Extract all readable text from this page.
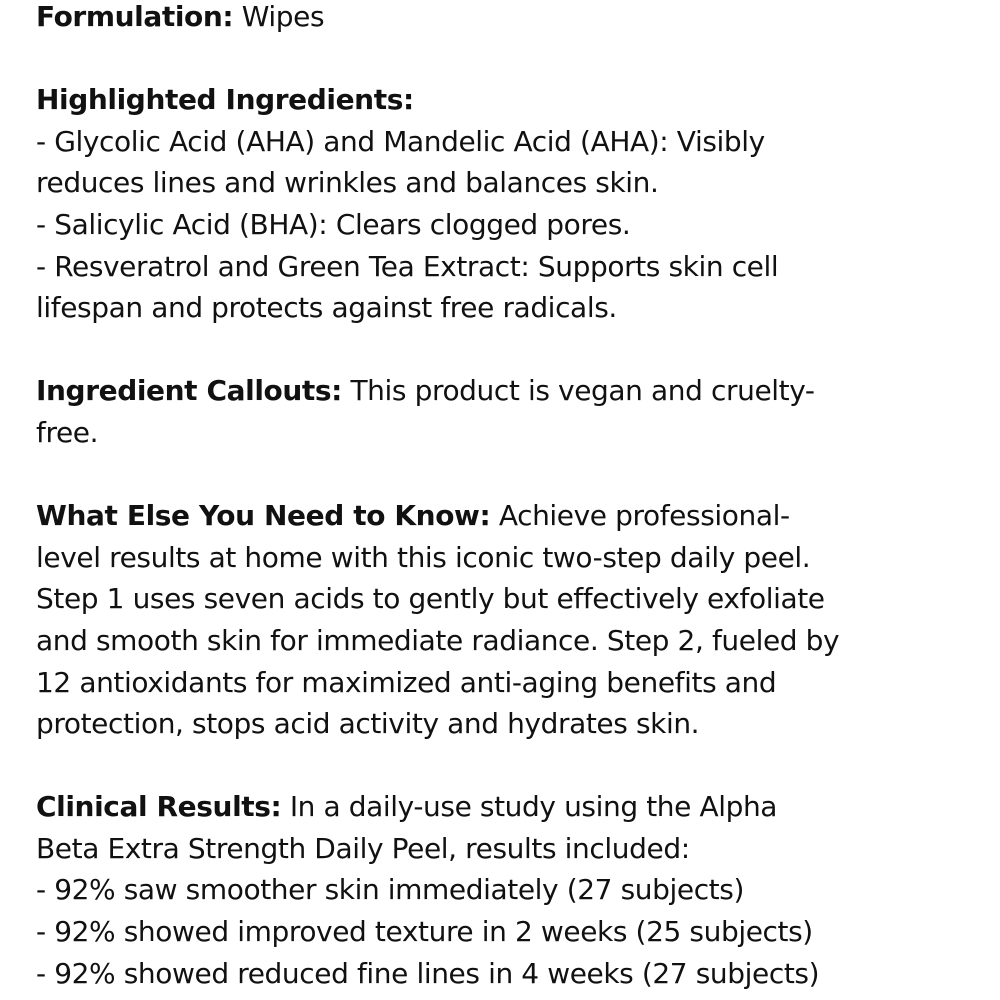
Formulation: Wipes
Highlighted Ingredients:
- Glycolic Acid (AHA) and Mandelic Acid (AHA): Visibly
reduces lines and wrinkles and balances skin.
- Salicylic Acid (BHA): Clears clogged pores.
- Resveratrol and Green Tea Extract: Supports skin cell
lifespan and protects against free radicals.
Ingredient Callouts: This product is vegan and cruelty-
free.
What Else You Need to Know: Achieve professional-
level results at home with this iconic two-step daily peel.
Step 1 uses seven acids to gently but effectively exfoliate
and smooth skin for immediate radiance. Step 2, fueled by
12 antioxidants for maximized anti-aging benefits and
protection, stops acid activity and hydrates skin.
Clinical Results: In a daily-use study using the Alpha
Beta Extra Strength Daily Peel, results included:
- 92% saw smoother skin immediately (27 subjects)
- 92% showed improved texture in 2 weeks (25 subjects)
- 92% showed reduced fine lines in 4 weeks (27 subjects)
